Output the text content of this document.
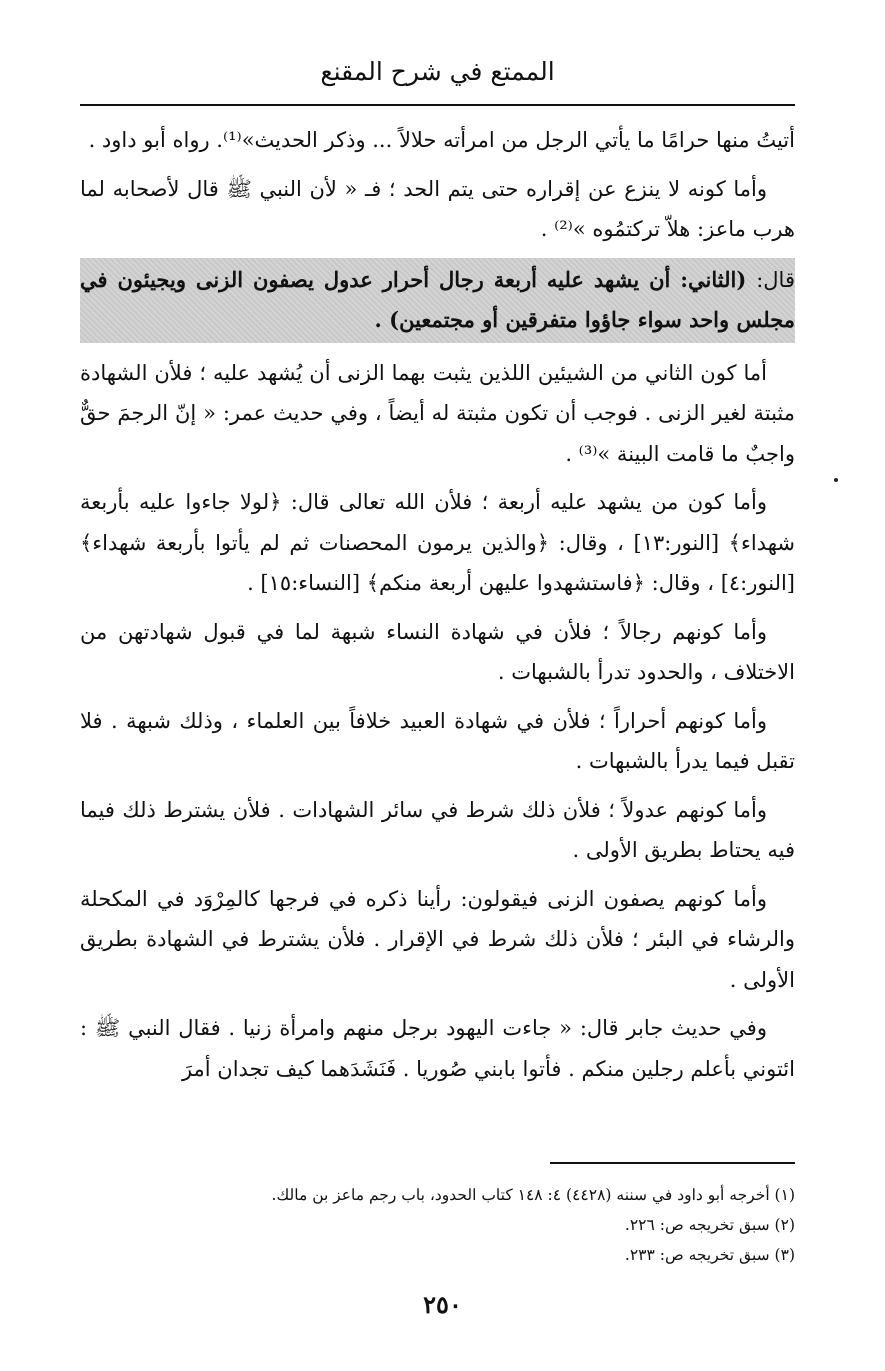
الممتع في شرح المقنع

أتيتُ منها حرامًا ما يأتي الرجل من امرأته حلالاً ... وذكر الحديث»⁽¹⁾. رواه أبو داود .

وأما كونه لا ينزع عن إقراره حتى يتم الحد ؛ فـ « لأن النبي ﷺ قال لأصحابه لما هرب ماعز: هلاّ تركتمُوه »⁽²⁾ .

قال: (الثاني: أن يشهد عليه أربعة رجال أحرار عدول يصفون الزنى ويجيئون في مجلس واحد سواء جاؤوا متفرقين أو مجتمعين) .

أما كون الثاني من الشيئين اللذين يثبت بهما الزنى أن يُشهد عليه ؛ فلأن الشهادة مثبتة لغير الزنى . فوجب أن تكون مثبتة له أيضاً ، وفي حديث عمر: « إنّ الرجمَ حقٌّ واجبٌ ما قامت البينة »⁽³⁾ .

وأما كون من يشهد عليه أربعة ؛ فلأن الله تعالى قال: ﴿لولا جاءوا عليه بأربعة شهداء﴾ [النور:١٣] ، وقال: ﴿والذين يرمون المحصنات ثم لم يأتوا بأربعة شهداء﴾ [النور:٤] ، وقال: ﴿فاستشهدوا عليهن أربعة منكم﴾ [النساء:١٥] .

وأما كونهم رجالاً ؛ فلأن في شهادة النساء شبهة لما في قبول شهادتهن من الاختلاف ، والحدود تدرأ بالشبهات .

وأما كونهم أحراراً ؛ فلأن في شهادة العبيد خلافاً بين العلماء ، وذلك شبهة . فلا تقبل فيما يدرأ بالشبهات .

وأما كونهم عدولاً ؛ فلأن ذلك شرط في سائر الشهادات . فلأن يشترط ذلك فيما فيه يحتاط بطريق الأولى .

وأما كونهم يصفون الزنى فيقولون: رأينا ذكره في فرجها كالمِرْوَد في المكحلة والرشاء في البئر ؛ فلأن ذلك شرط في الإقرار . فلأن يشترط في الشهادة بطريق الأولى .

وفي حديث جابر قال: « جاءت اليهود برجل منهم وامرأة زنيا . فقال النبي ﷺ : ائتوني بأعلم رجلين منكم . فأتوا بابني صُوريا . فَنَشَدَهما كيف تجدان أمرَ

(١) أخرجه أبو داود في سننه (٤٤٢٨) ٤: ١٤٨ كتاب الحدود، باب رجم ماعز بن مالك.
(٢) سبق تخريجه ص: ٢٢٦.
(٣) سبق تخريجه ص: ٢٣٣.
٢٥٠
